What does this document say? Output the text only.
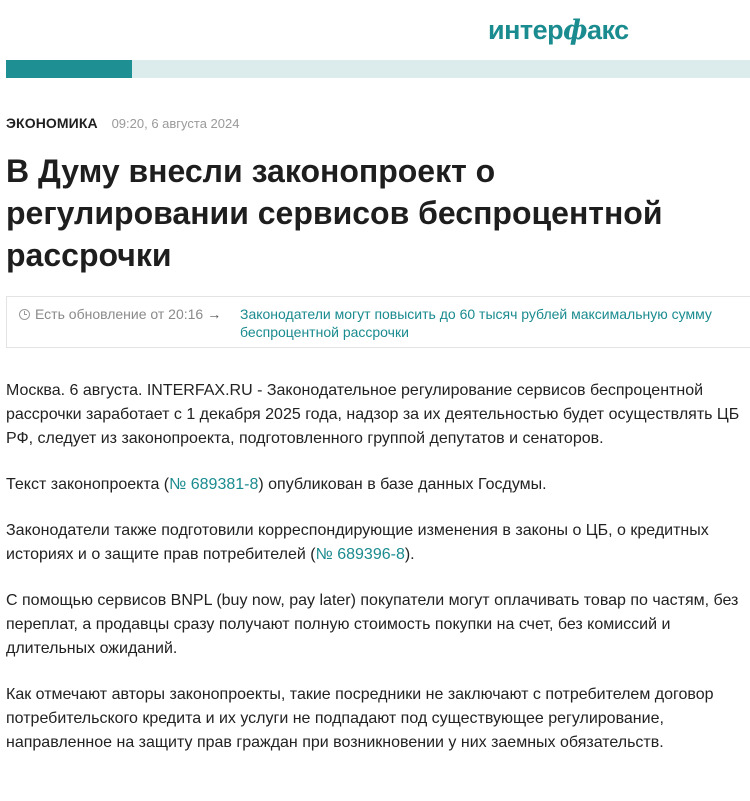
интерфакс
ЭКОНОМИКА 09:20, 6 августа 2024
В Думу внесли законопроект о регулировании сервисов беспроцентной рассрочки
Есть обновление от 20:16 → Законодатели могут повысить до 60 тысяч рублей максимальную сумму беспроцентной рассрочки

Москва. 6 августа. INTERFAX.RU - Законодательное регулирование сервисов беспроцентной рассрочки заработает с 1 декабря 2025 года, надзор за их деятельностью будет осуществлять ЦБ РФ, следует из законопроекта, подготовленного группой депутатов и сенаторов.

Текст законопроекта (№ 689381-8) опубликован в базе данных Госдумы.

Законодатели также подготовили корреспондирующие изменения в законы о ЦБ, о кредитных историях и о защите прав потребителей (№ 689396-8).

С помощью сервисов BNPL (buy now, pay later) покупатели могут оплачивать товар по частям, без переплат, а продавцы сразу получают полную стоимость покупки на счет, без комиссий и длительных ожиданий.

Как отмечают авторы законопроекты, такие посредники не заключают с потребителем договор потребительского кредита и их услуги не подпадают под существующее регулирование, направленное на защиту прав граждан при возникновении у них заемных обязательств.
